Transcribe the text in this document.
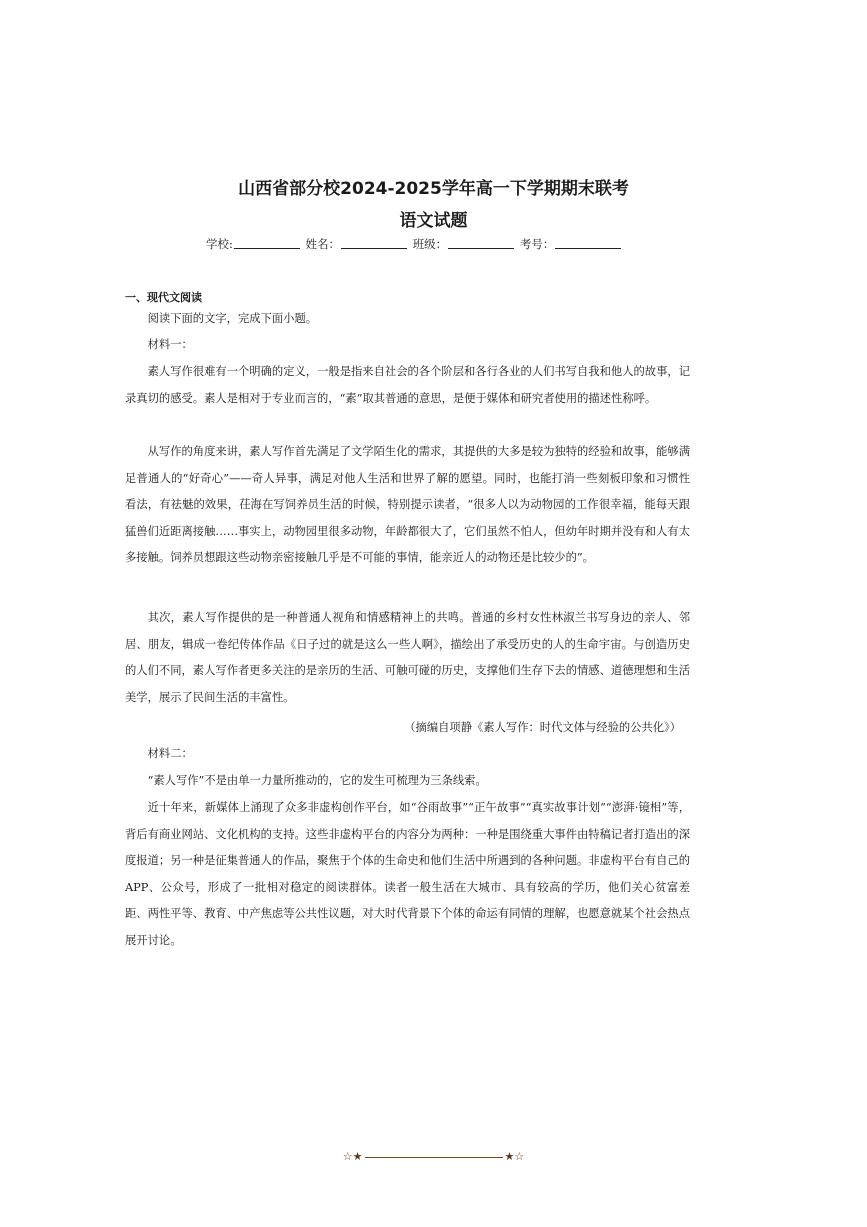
山西省部分校2024-2025学年高一下学期期末联考
语文试题
学校:	姓名：	班级：	考号：
一、现代文阅读

阅读下面的文字，完成下面小题。

材料一：

素人写作很难有一个明确的定义，一般是指来自社会的各个阶层和各行各业的人们书写自我和他人的故事，记录真切的感受。素人是相对于专业而言的，“素”取其普通的意思，是便于媒体和研究者使用的描述性称呼。

从写作的角度来讲，素人写作首先满足了文学陌生化的需求，其提供的大多是较为独特的经验和故事，能够满足普通人的“好奇心”——奇人异事，满足对他人生活和世界了解的愿望。同时，也能打消一些刻板印象和习惯性看法，有祛魅的效果，茌海在写饲养员生活的时候，特别提示读者，“很多人以为动物园的工作很幸福，能每天跟猛兽们近距离接触……事实上，动物园里很多动物，年龄都很大了，它们虽然不怕人，但幼年时期并没有和人有太多接触。饲养员想跟这些动物亲密接触几乎是不可能的事情，能亲近人的动物还是比较少的”。

其次，素人写作提供的是一种普通人视角和情感精神上的共鸣。普通的乡村女性林淑兰书写身边的亲人、邻居、朋友，辑成一卷纪传体作品《日子过的就是这么一些人啊》，描绘出了承受历史的人的生命宇宙。与创造历史的人们不同，素人写作者更多关注的是亲历的生活、可触可碰的历史，支撑他们生存下去的情感、道德理想和生活美学，展示了民间生活的丰富性。

（摘编自项静《素人写作：时代文体与经验的公共化》）

材料二：

“素人写作”不是由单一力量所推动的，它的发生可梳理为三条线索。

近十年来，新媒体上涌现了众多非虚构创作平台，如“谷雨故事”“正午故事”“真实故事计划”“澎湃·镜相”等，背后有商业网站、文化机构的支持。这些非虚构平台的内容分为两种：一种是围绕重大事件由特稿记者打造出的深度报道；另一种是征集普通人的作品，聚焦于个体的生命史和他们生活中所遇到的各种问题。非虚构平台有自己的APP、公众号，形成了一批相对稳定的阅读群体。读者一般生活在大城市、具有较高的学历，他们关心贫富差距、两性平等、教育、中产焦虑等公共性议题，对大时代背景下个体的命运有同情的理解，也愿意就某个社会热点展开讨论。

☆★	★☆
